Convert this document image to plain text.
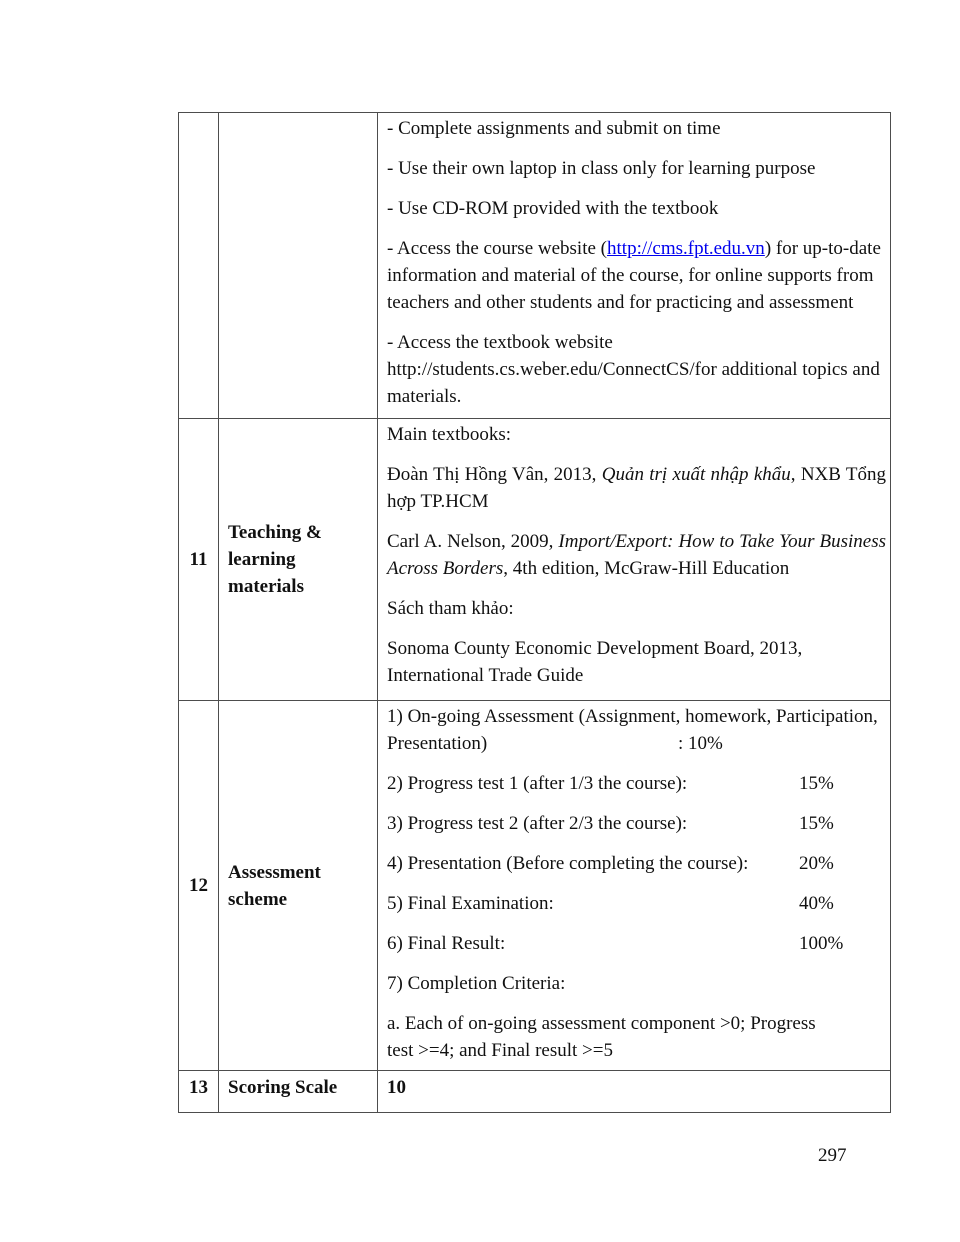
- Complete assignments and submit on time

- Use their own laptop in class only for learning purpose

- Use CD-ROM provided with the textbook

- Access the course website (http://cms.fpt.edu.vn) for up-to-date information and material of the course, for online supports from teachers and other students and for practicing and assessment

- Access the textbook website
http://students.cs.weber.edu/ConnectCS/for additional topics and materials.

11	Teaching & learning materials	Main textbooks:

Đoàn Thị Hồng Vân, 2013, Quản trị xuất nhập khẩu, NXB Tổng hợp TP.HCM

Carl A. Nelson, 2009, Import/Export: How to Take Your Business Across Borders, 4th edition, McGraw-Hill Education

Sách tham khảo:

Sonoma County Economic Development Board, 2013, International Trade Guide

12	Assessment scheme	

1) On-going Assessment (Assignment, homework, Participation,
Presentation)	: 10%

2) Progress test 1 (after 1/3 the course):	15%

3) Progress test 2 (after 2/3 the course):	15%

4) Presentation (Before completing the course):	20%

5) Final Examination:	40%

6) Final Result:	100%

7) Completion Criteria:

a. Each of on-going assessment component >0; Progress
test >=4; and Final result >=5

13	Scoring Scale	10
297
